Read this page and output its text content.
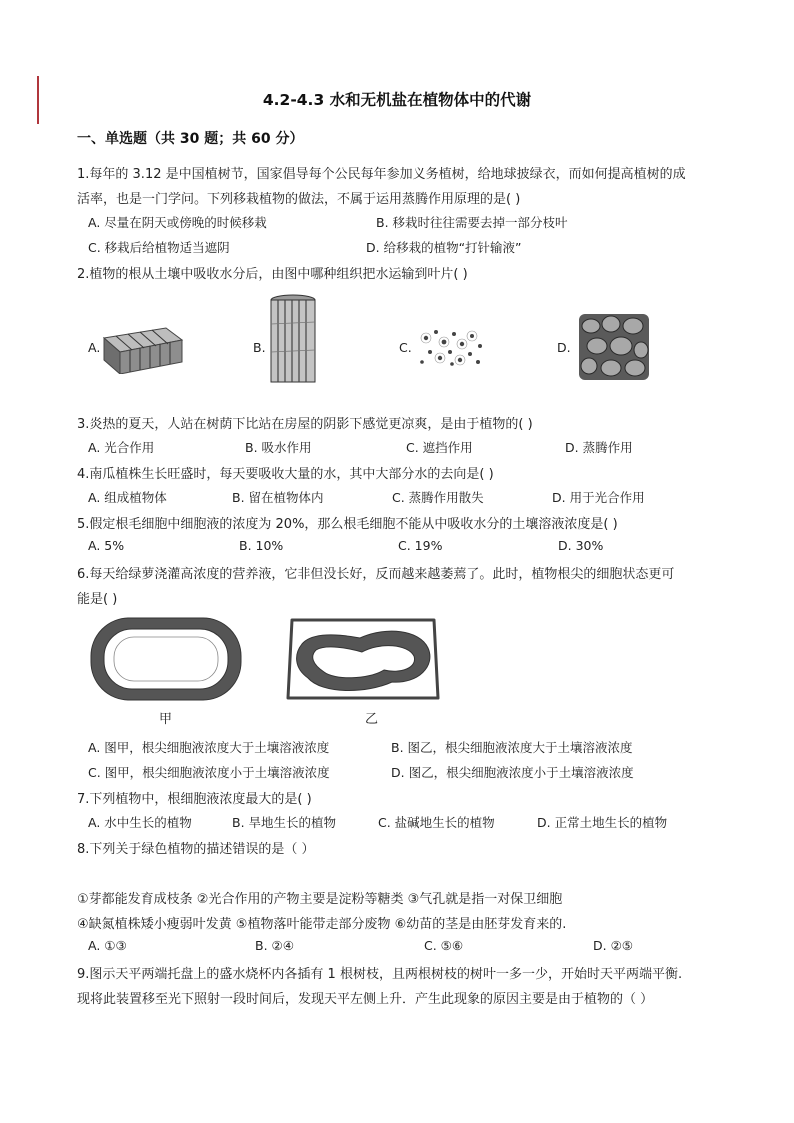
4.2-4.3 水和无机盐在植物体中的代谢
一、单选题（共 30 题；共 60 分）
1.每年的 3.12 是中国植树节，国家倡导每个公民每年参加义务植树，给地球披绿衣，而如何提高植树的成
活率，也是一门学问。下列移栽植物的做法，不属于运用蒸腾作用原理的是( )
A. 尽量在阴天或傍晚的时候移栽	B. 移栽时往往需要去掉一部分枝叶
C. 移栽后给植物适当遮阴	D. 给移栽的植物“打针输液”
2.植物的根从土壤中吸收水分后，由图中哪种组织把水运输到叶片( )
A.	B.	C.	D.
3.炎热的夏天，人站在树荫下比站在房屋的阴影下感觉更凉爽，是由于植物的( )
A. 光合作用	B. 吸水作用	C. 遮挡作用	D. 蒸腾作用
4.南瓜植株生长旺盛时，每天要吸收大量的水，其中大部分水的去向是( )
A. 组成植物体	B. 留在植物体内	C. 蒸腾作用散失	D. 用于光合作用
5.假定根毛细胞中细胞液的浓度为 20%，那么根毛细胞不能从中吸收水分的土壤溶液浓度是( )
A. 5%	B. 10%	C. 19%	D. 30%
6.每天给绿萝浇灌高浓度的营养液，它非但没长好，反而越来越萎蔫了。此时，植物根尖的细胞状态更可
能是( )
甲	乙
A. 图甲，根尖细胞液浓度大于土壤溶液浓度	B. 图乙，根尖细胞液浓度大于土壤溶液浓度
C. 图甲，根尖细胞液浓度小于土壤溶液浓度	D. 图乙，根尖细胞液浓度小于土壤溶液浓度
7.下列植物中，根细胞液浓度最大的是( )
A. 水中生长的植物	B. 旱地生长的植物	C. 盐碱地生长的植物	D. 正常土地生长的植物
8.下列关于绿色植物的描述错误的是（ ）
①芽都能发育成枝条 ②光合作用的产物主要是淀粉等糖类 ③气孔就是指一对保卫细胞
④缺氮植株矮小瘦弱叶发黄 ⑤植物落叶能带走部分废物 ⑥幼苗的茎是由胚芽发育来的.
A. ①③	B. ②④	C. ⑤⑥	D. ②⑤
9.图示天平两端托盘上的盛水烧杯内各插有 1 根树枝，且两根树枝的树叶一多一少，开始时天平两端平衡.
现将此装置移至光下照射一段时间后，发现天平左侧上升．产生此现象的原因主要是由于植物的（ ）
